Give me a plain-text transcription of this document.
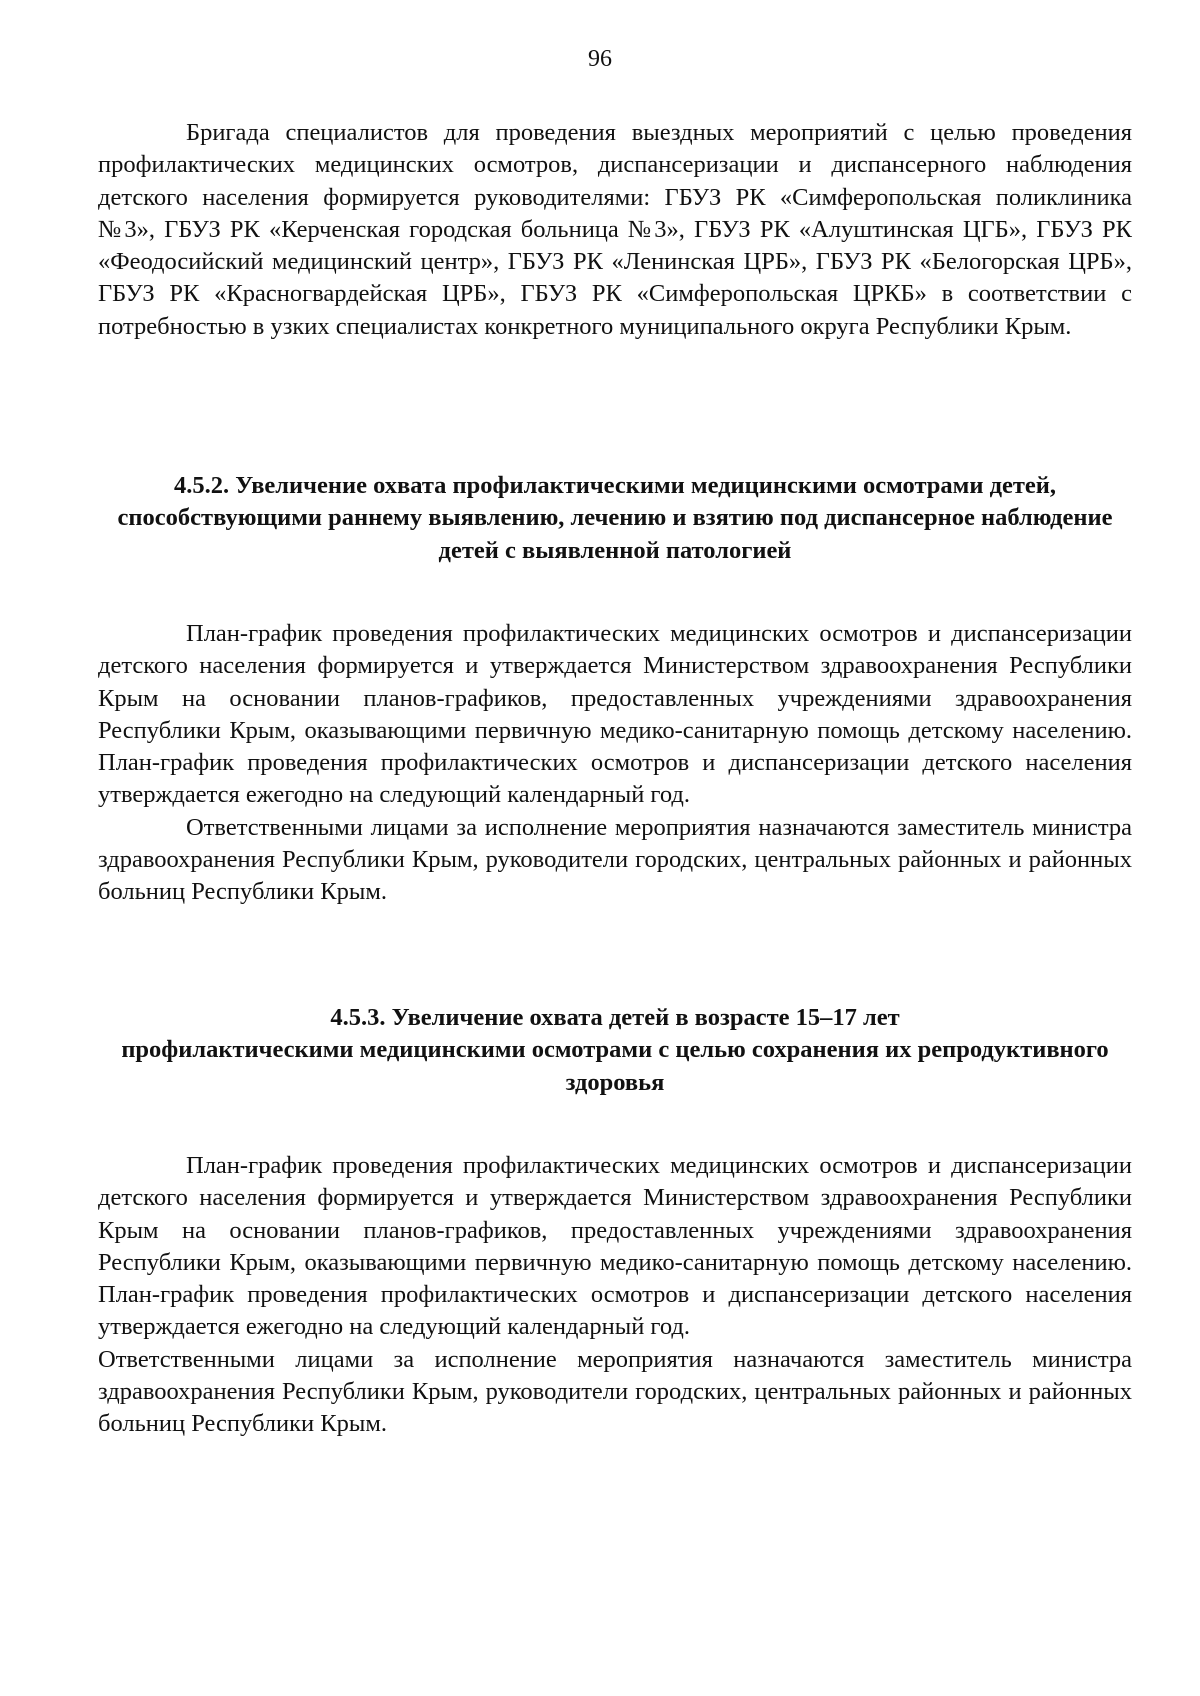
96

Бригада специалистов для проведения выездных мероприятий с целью проведения профилактических медицинских осмотров, диспансеризации и диспансерного наблюдения детского населения формируется руководителями: ГБУЗ РК «Симферопольская поликлиника №3», ГБУЗ РК «Керченская городская больница №3», ГБУЗ РК «Алуштинская ЦГБ», ГБУЗ РК «Феодосийский медицинский центр», ГБУЗ РК «Ленинская ЦРБ», ГБУЗ РК «Белогорская ЦРБ», ГБУЗ РК «Красногвардейская ЦРБ», ГБУЗ РК «Симферопольская ЦРКБ» в соответствии с потребностью в узких специалистах конкретного муниципального округа Республики Крым.

4.5.2. Увеличение охвата профилактическими медицинскими осмотрами детей, способствующими раннему выявлению, лечению и взятию под диспансерное наблюдение детей с выявленной патологией

План-график проведения профилактических медицинских осмотров и диспансеризации детского населения формируется и утверждается Министерством здравоохранения Республики Крым на основании планов-графиков, предоставленных учреждениями здравоохранения Республики Крым, оказывающими первичную медико-санитарную помощь детскому населению. План-график проведения профилактических осмотров и диспансеризации детского населения утверждается ежегодно на следующий календарный год.

Ответственными лицами за исполнение мероприятия назначаются заместитель министра здравоохранения Республики Крым, руководители городских, центральных районных и районных больниц Республики Крым.

4.5.3. Увеличение охвата детей в возрасте 15–17 лет

профилактическими медицинскими осмотрами с целью сохранения их репродуктивного здоровья

План-график проведения профилактических медицинских осмотров и диспансеризации детского населения формируется и утверждается Министерством здравоохранения Республики Крым на основании планов-графиков, предоставленных учреждениями здравоохранения Республики Крым, оказывающими первичную медико-санитарную помощь детскому населению. План-график проведения профилактических осмотров и диспансеризации детского населения утверждается ежегодно на следующий календарный год.

Ответственными лицами за исполнение мероприятия назначаются заместитель министра здравоохранения Республики Крым, руководители городских, центральных районных и районных больниц Республики Крым.
